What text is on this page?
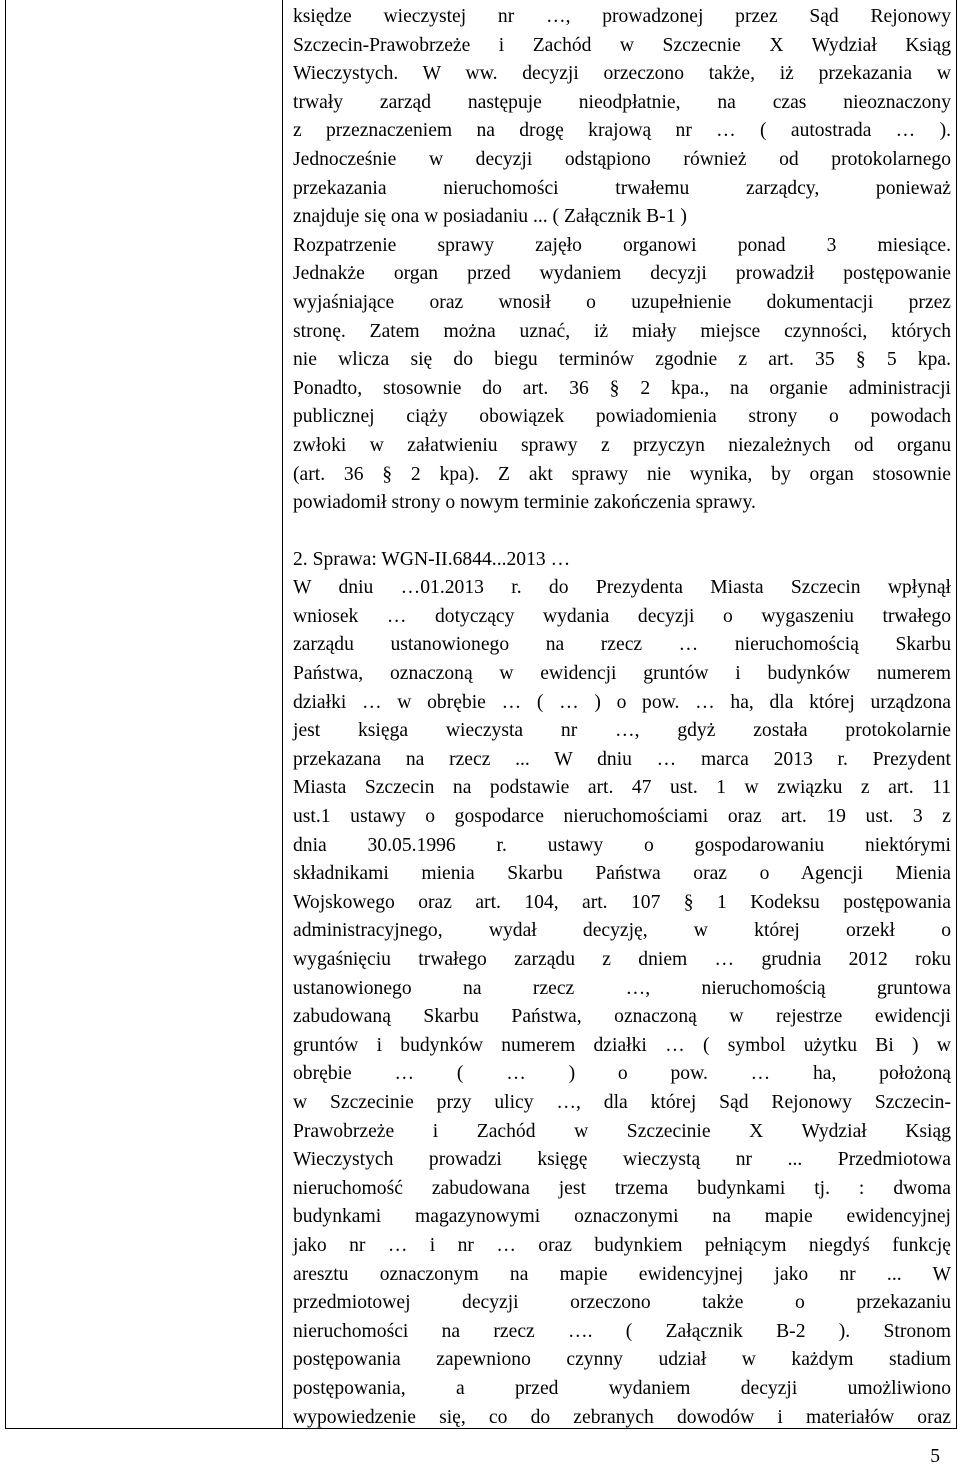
księdze wieczystej nr …, prowadzonej przez Sąd Rejonowy
Szczecin-Prawobrzeże i Zachód w Szczecnie X Wydział Ksiąg
Wieczystych. W ww. decyzji orzeczono także, iż przekazania w
trwały zarząd następuje nieodpłatnie, na czas nieoznaczony
z przeznaczeniem na drogę krajową nr … ( autostrada … ).
Jednocześnie w decyzji odstąpiono również od protokolarnego
przekazania nieruchomości trwałemu zarządcy, ponieważ
znajduje się ona w posiadaniu ... ( Załącznik B-1 )
Rozpatrzenie sprawy zajęło organowi ponad 3 miesiące.
Jednakże organ przed wydaniem decyzji prowadził postępowanie
wyjaśniające oraz wnosił o uzupełnienie dokumentacji przez
stronę. Zatem można uznać, iż miały miejsce czynności, których
nie wlicza się do biegu terminów zgodnie z art. 35 § 5 kpa.
Ponadto, stosownie do art. 36 § 2 kpa., na organie administracji
publicznej ciąży obowiązek powiadomienia strony o powodach
zwłoki w załatwieniu sprawy z przyczyn niezależnych od organu
(art. 36 § 2 kpa). Z akt sprawy nie wynika, by organ stosownie
powiadomił strony o nowym terminie zakończenia sprawy.

2. Sprawa: WGN-II.6844...2013 …
W dniu …01.2013 r. do Prezydenta Miasta Szczecin wpłynął
wniosek … dotyczący wydania decyzji o wygaszeniu trwałego
zarządu ustanowionego na rzecz … nieruchomością Skarbu
Państwa, oznaczoną w ewidencji gruntów i budynków numerem
działki … w obrębie … ( … ) o pow. … ha, dla której urządzona
jest księga wieczysta nr …, gdyż została protokolarnie
przekazana na rzecz ... W dniu … marca 2013 r. Prezydent
Miasta Szczecin na podstawie art. 47 ust. 1 w związku z art. 11
ust.1 ustawy o gospodarce nieruchomościami oraz art. 19 ust. 3 z
dnia 30.05.1996 r. ustawy o gospodarowaniu niektórymi
składnikami mienia Skarbu Państwa oraz o Agencji Mienia
Wojskowego oraz art. 104, art. 107 § 1 Kodeksu postępowania
administracyjnego, wydał decyzję, w której orzekł o
wygaśnięciu trwałego zarządu z dniem … grudnia 2012 roku
ustanowionego na rzecz …, nieruchomością gruntowa
zabudowaną Skarbu Państwa, oznaczoną w rejestrze ewidencji
gruntów i budynków numerem działki … ( symbol użytku Bi ) w
obrębie … ( … ) o pow. … ha, położoną
w Szczecinie przy ulicy …, dla której Sąd Rejonowy Szczecin-
Prawobrzeże i Zachód w Szczecinie X Wydział Ksiąg
Wieczystych prowadzi księgę wieczystą nr ... Przedmiotowa
nieruchomość zabudowana jest trzema budynkami tj. : dwoma
budynkami magazynowymi oznaczonymi na mapie ewidencyjnej
jako nr … i nr … oraz budynkiem pełniącym niegdyś funkcję
aresztu oznaczonym na mapie ewidencyjnej jako nr ... W
przedmiotowej decyzji orzeczono także o przekazaniu
nieruchomości na rzecz …. ( Załącznik B-2 ). Stronom
postępowania zapewniono czynny udział w każdym stadium
postępowania, a przed wydaniem decyzji umożliwiono
wypowiedzenie się, co do zebranych dowodów i materiałów oraz

5
